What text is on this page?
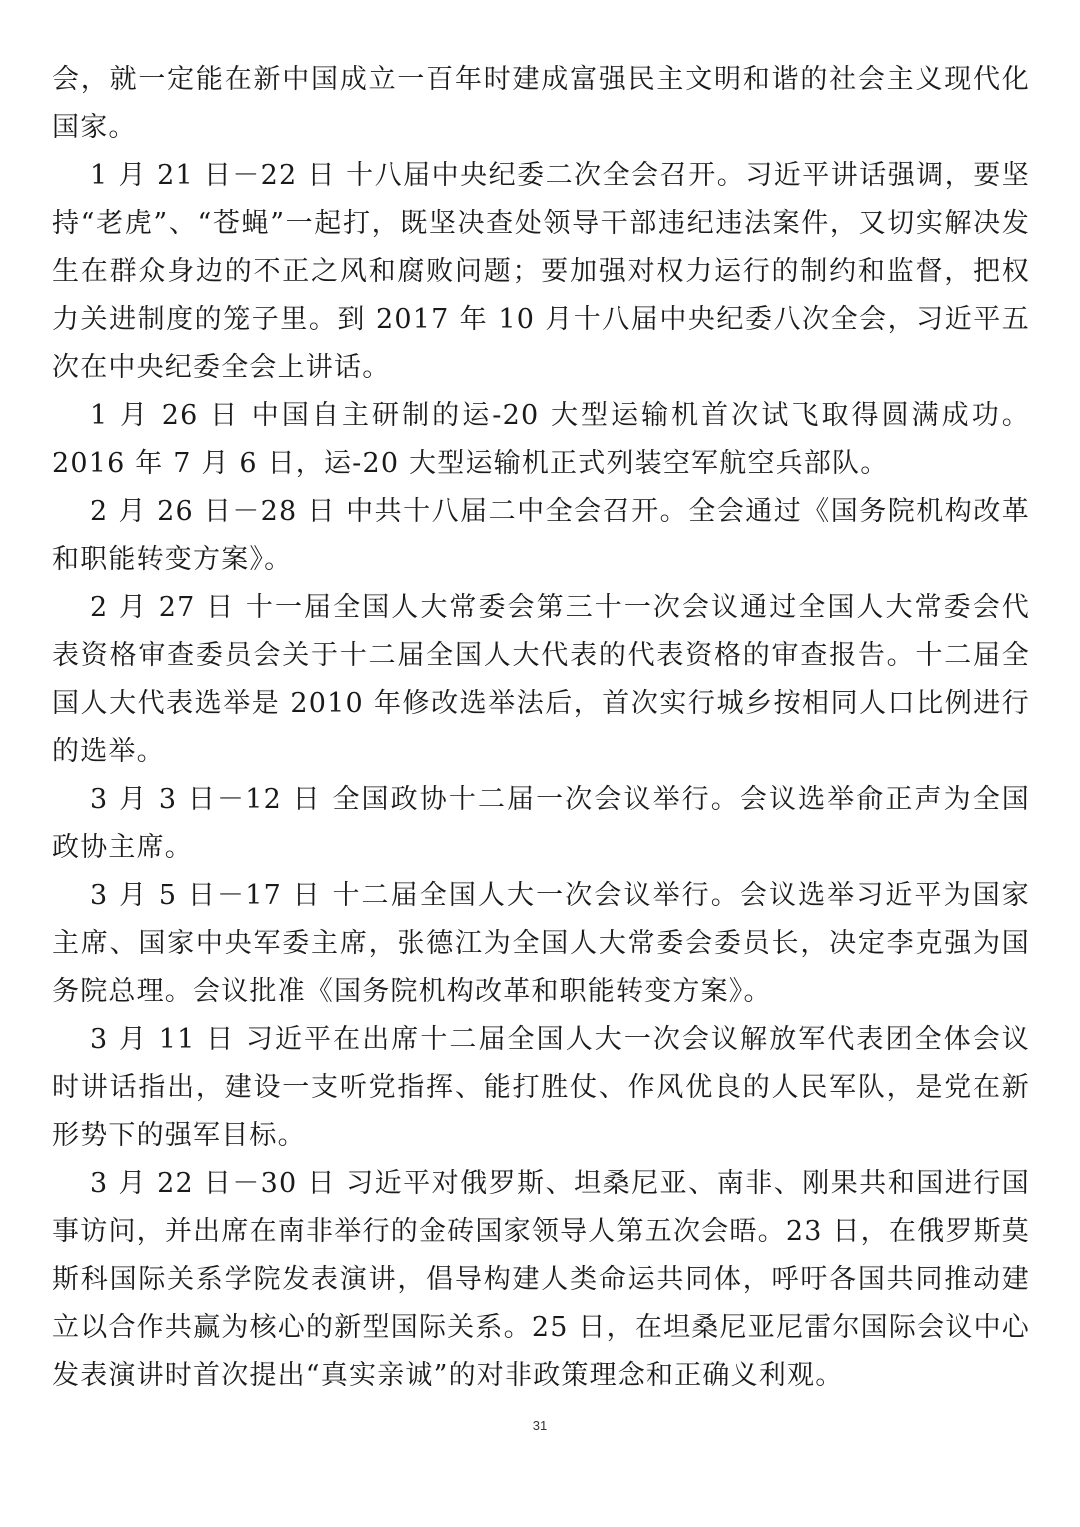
会，就一定能在新中国成立一百年时建成富强民主文明和谐的社会主义现代化国家。

1 月 21 日－22 日 十八届中央纪委二次全会召开。习近平讲话强调，要坚持“老虎”、“苍蝇”一起打，既坚决查处领导干部违纪违法案件，又切实解决发生在群众身边的不正之风和腐败问题；要加强对权力运行的制约和监督，把权力关进制度的笼子里。到 2017 年 10 月十八届中央纪委八次全会，习近平五次在中央纪委全会上讲话。

1 月 26 日 中国自主研制的运-20 大型运输机首次试飞取得圆满成功。2016 年 7 月 6 日，运-20 大型运输机正式列装空军航空兵部队。

2 月 26 日－28 日 中共十八届二中全会召开。全会通过《国务院机构改革和职能转变方案》。

2 月 27 日 十一届全国人大常委会第三十一次会议通过全国人大常委会代表资格审查委员会关于十二届全国人大代表的代表资格的审查报告。十二届全国人大代表选举是 2010 年修改选举法后，首次实行城乡按相同人口比例进行的选举。

3 月 3 日－12 日 全国政协十二届一次会议举行。会议选举俞正声为全国政协主席。

3 月 5 日－17 日 十二届全国人大一次会议举行。会议选举习近平为国家主席、国家中央军委主席，张德江为全国人大常委会委员长，决定李克强为国务院总理。会议批准《国务院机构改革和职能转变方案》。

3 月 11 日 习近平在出席十二届全国人大一次会议解放军代表团全体会议时讲话指出，建设一支听党指挥、能打胜仗、作风优良的人民军队，是党在新形势下的强军目标。

3 月 22 日－30 日 习近平对俄罗斯、坦桑尼亚、南非、刚果共和国进行国事访问，并出席在南非举行的金砖国家领导人第五次会晤。23 日，在俄罗斯莫斯科国际关系学院发表演讲，倡导构建人类命运共同体，呼吁各国共同推动建立以合作共赢为核心的新型国际关系。25 日，在坦桑尼亚尼雷尔国际会议中心发表演讲时首次提出“真实亲诚”的对非政策理念和正确义利观。

31
